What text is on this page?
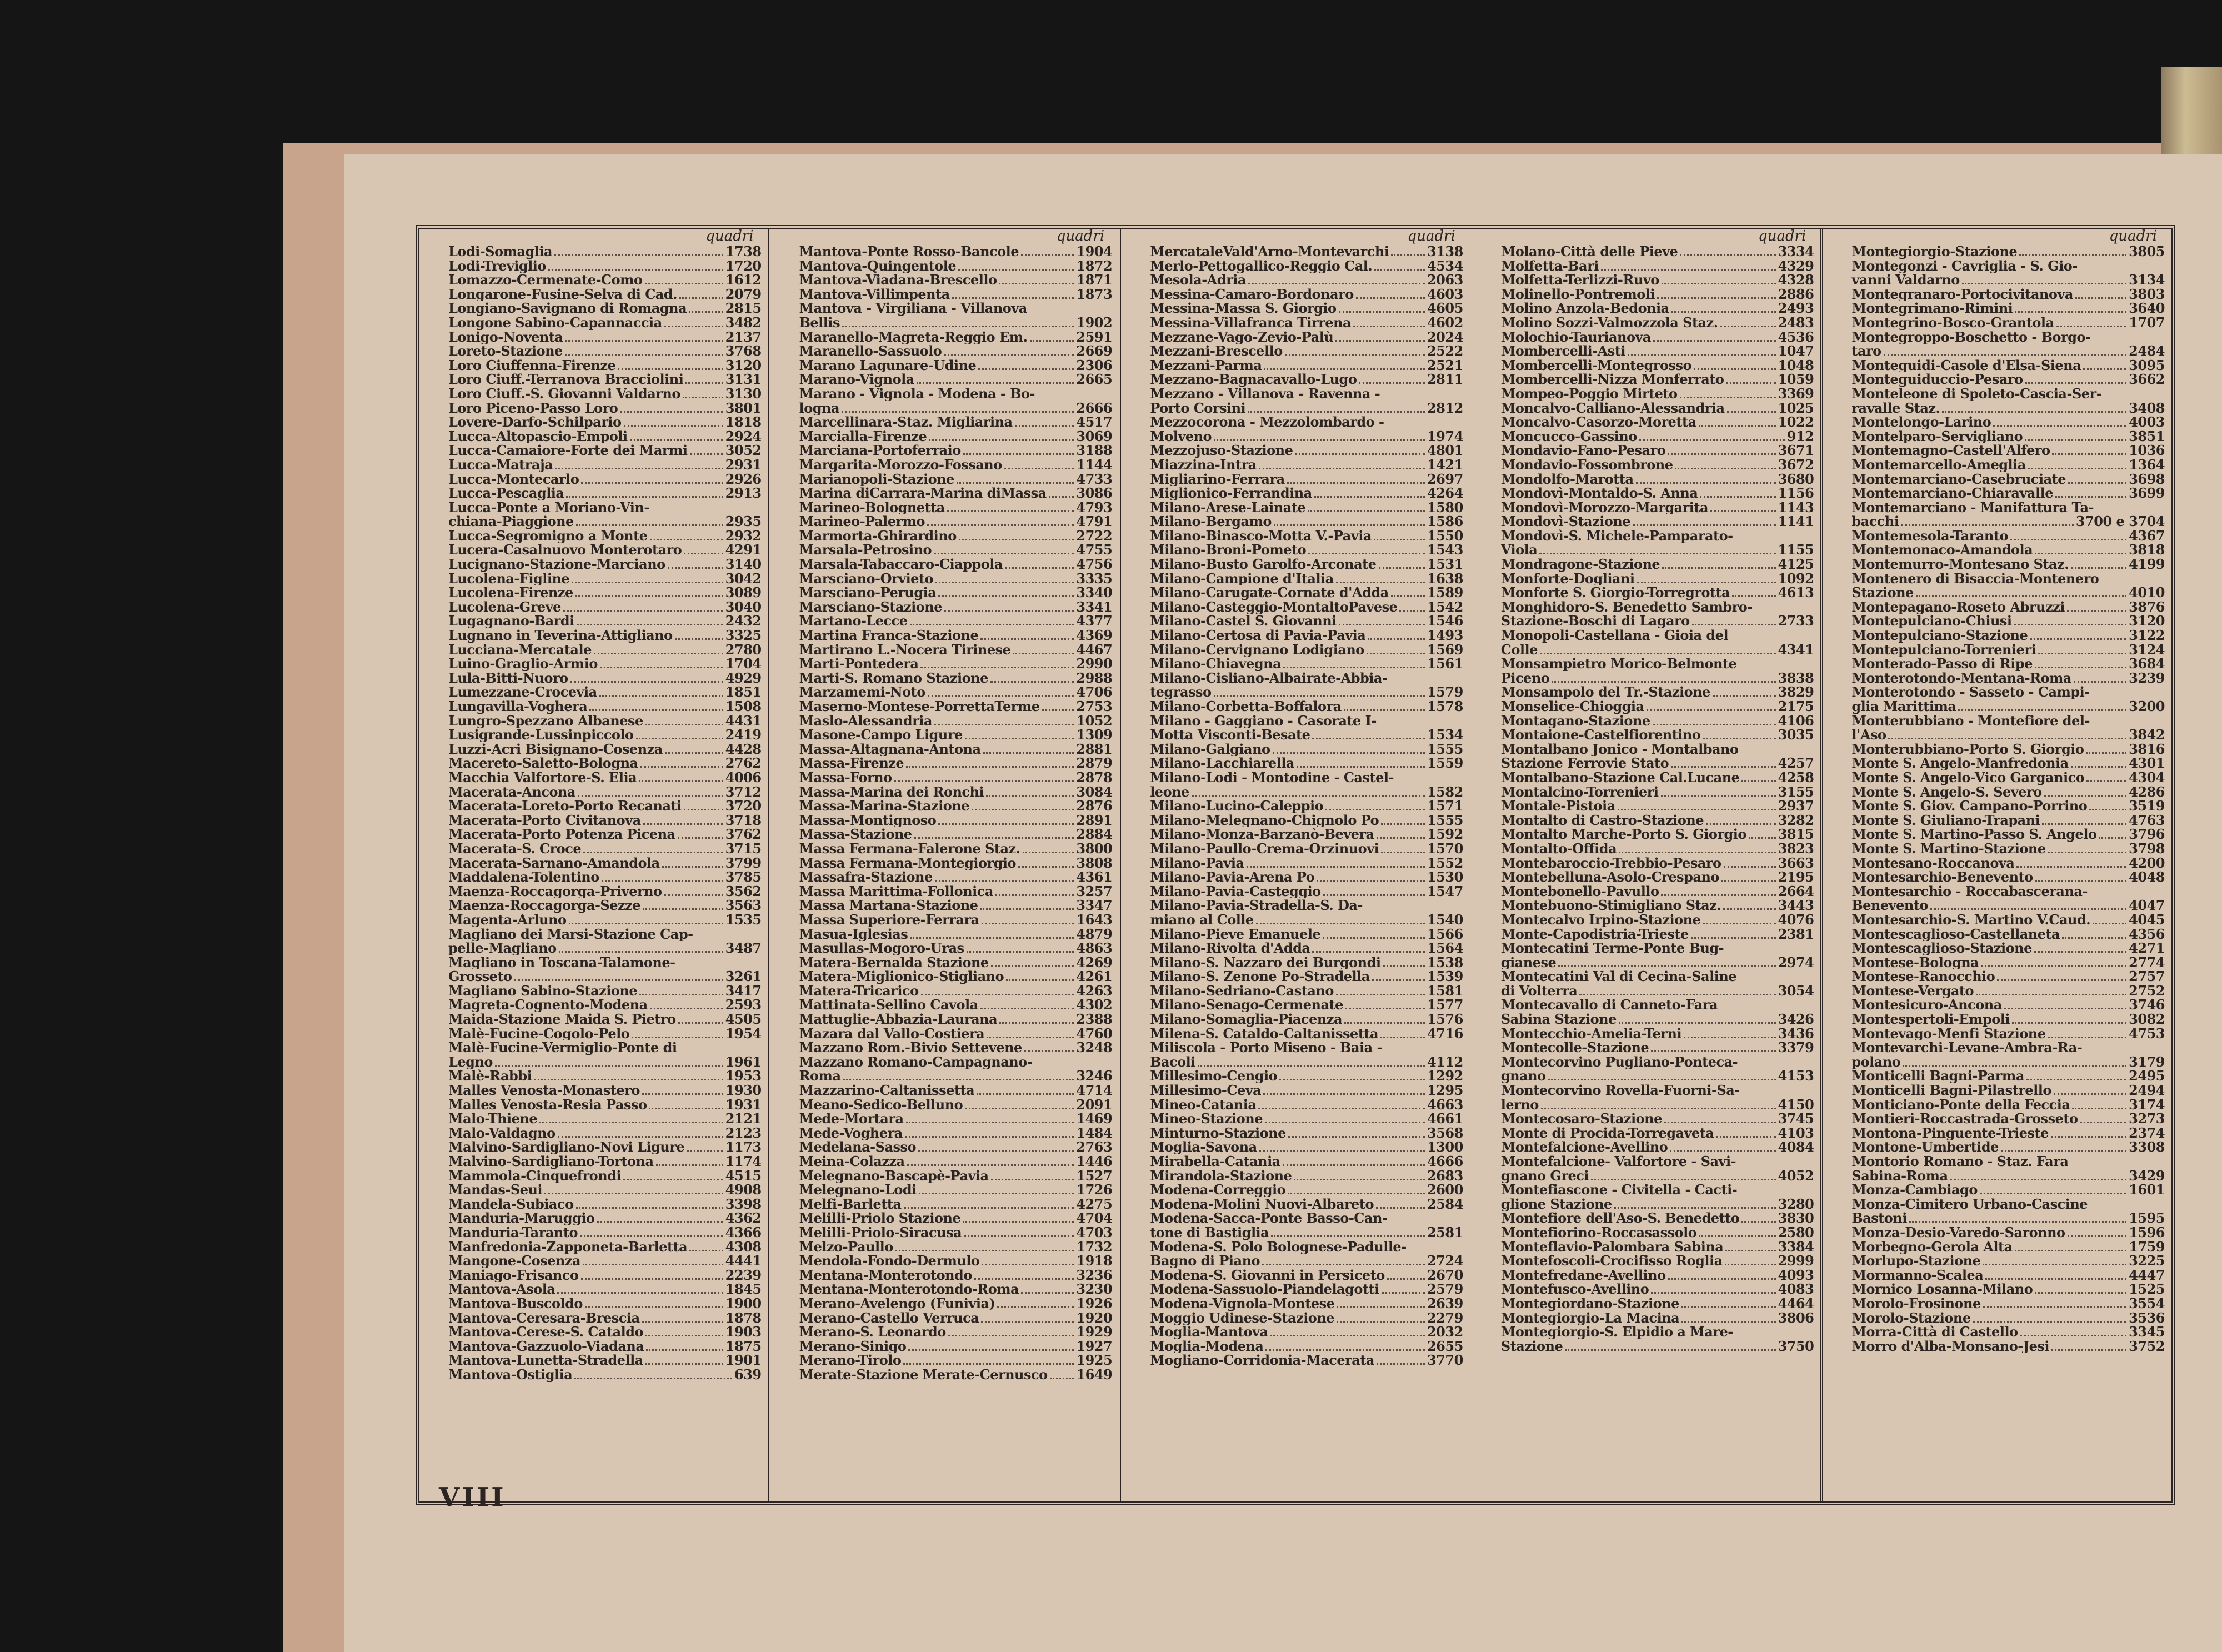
quadri
Lodi-Somaglia	1738
Lodi-Treviglio	1720
Lomazzo-Cermenate-Como	1612
Longarone-Fusine-Selva di Cad.	2079
Longiano-Savignano di Romagna	2815
Longone Sabino-Capannaccia	3482
Lonigo-Noventa	2137
Loreto-Stazione	3768
Loro Ciuffenna-Firenze	3120
Loro Ciuff.-Terranova Bracciolini	3131
Loro Ciuff.-S. Giovanni Valdarno	3130
Loro Piceno-Passo Loro	3801
Lovere-Darfo-Schilpario	1818
Lucca-Altopascio-Empoli	2924
Lucca-Camaiore-Forte dei Marmi	3052
Lucca-Matraja	2931
Lucca-Montecarlo	2926
Lucca-Pescaglia	2913
Lucca-Ponte a Moriano-Vin-
chiana-Piaggione	2935
Lucca-Segromigno a Monte	2932
Lucera-Casalnuovo Monterotaro	4291
Lucignano-Stazione-Marciano	3140
Lucolena-Figline	3042
Lucolena-Firenze	3089
Lucolena-Greve	3040
Lugagnano-Bardi	2432
Lugnano in Teverina-Attigliano	3325
Lucciana-Mercatale	2780
Luino-Graglio-Armio	1704
Lula-Bitti-Nuoro	4929
Lumezzane-Crocevia	1851
Lungavilla-Voghera	1508
Lungro-Spezzano Albanese	4431
Lusigrande-Lussinpiccolo	2419
Luzzi-Acri Bisignano-Cosenza	4428
Macereto-Saletto-Bologna	2762
Macchia Valfortore-S. Elia	4006
Macerata-Ancona	3712
Macerata-Loreto-Porto Recanati	3720
Macerata-Porto Civitanova	3718
Macerata-Porto Potenza Picena	3762
Macerata-S. Croce	3715
Macerata-Sarnano-Amandola	3799
Maddalena-Tolentino	3785
Maenza-Roccagorga-Priverno	3562
Maenza-Roccagorga-Sezze	3563
Magenta-Arluno	1535
Magliano dei Marsi-Stazione Cap-
pelle-Magliano	3487
Magliano in Toscana-Talamone-
Grosseto	3261
Magliano Sabino-Stazione	3417
Magreta-Cognento-Modena	2593
Maida-Stazione Maida S. Pietro	4505
Malè-Fucine-Cogolo-Pelo	1954
Malè-Fucine-Vermiglio-Ponte di
Legno	1961
Malè-Rabbi	1953
Malles Venosta-Monastero	1930
Malles Venosta-Resia Passo	1931
Malo-Thiene	2121
Malo-Valdagno	2123
Malvino-Sardigliano-Novi Ligure	1173
Malvino-Sardigliano-Tortona	1174
Mammola-Cinquefrondi	4515
Mandas-Seui	4908
Mandela-Subiaco	3398
Manduria-Maruggio	4362
Manduria-Taranto	4366
Manfredonia-Zapponeta-Barletta	4308
Mangone-Cosenza	4441
Maniago-Frisanco	2239
Mantova-Asola	1845
Mantova-Buscoldo	1900
Mantova-Ceresara-Brescia	1878
Mantova-Cerese-S. Cataldo	1903
Mantova-Gazzuolo-Viadana	1875
Mantova-Lunetta-Stradella	1901
Mantova-Ostiglia	639
quadri
Mantova-Ponte Rosso-Bancole	1904
Mantova-Quingentole	1872
Mantova-Viadana-Brescello	1871
Mantova-Villimpenta	1873
Mantova - Virgiliana - Villanova
Bellis	1902
Maranello-Magreta-Reggio Em.	2591
Maranello-Sassuolo	2669
Marano Lagunare-Udine	2306
Marano-Vignola	2665
Marano - Vignola - Modena - Bo-
logna	2666
Marcellinara-Staz. Migliarina	4517
Marcialla-Firenze	3069
Marciana-Portoferraio	3188
Margarita-Morozzo-Fossano	1144
Marianopoli-Stazione	4733
Marina diCarrara-Marina diMassa 3086
Marineo-Bolognetta	4793
Marineo-Palermo	4791
Marmorta-Ghirardino	2722
Marsala-Petrosino	4755
Marsala-Tabaccaro-Ciappola	4756
Marsciano-Orvieto	3335
Marsciano-Perugia	3340
Marsciano-Stazione	3341
Martano-Lecce	4377
Martina Franca-Stazione	4369
Martirano L.-Nocera Tirinese	4467
Marti-Pontedera	2990
Marti-S. Romano Stazione	2988
Marzamemi-Noto	4706
Maserno-Montese-PorrettaTerme	2753
Maslo-Alessandria	1052
Masone-Campo Ligure	1309
Massa-Altagnana-Antona	2881
Massa-Firenze	2879
Massa-Forno	2878
Massa-Marina dei Ronchi	3084
Massa-Marina-Stazione	2876
Massa-Montignoso	2891
Massa-Stazione	2884
Massa Fermana-Falerone Staz.	3800
Massa Fermana-Montegiorgio	3808
Massafra-Stazione	4361
Massa Marittima-Follonica	3257
Massa Martana-Stazione	3347
Massa Superiore-Ferrara	1643
Masua-Iglesias	4879
Masullas-Mogoro-Uras	4863
Matera-Bernalda Stazione	4269
Matera-Miglionico-Stigliano	4261
Matera-Tricarico	4263
Mattinata-Sellino Cavola	4302
Mattuglie-Abbazia-Laurana	2388
Mazara dal Vallo-Costiera	4760
Mazzano Rom.-Bivio Settevene	3248
Mazzano Romano-Campagnano-
Roma	3246
Mazzarino-Caltanissetta	4714
Meano-Sedico-Belluno	2091
Mede-Mortara	1469
Mede-Voghera	1484
Medelana-Sasso	2763
Meina-Colazza	1446
Melegnano-Bascapè-Pavia	1527
Melegnano-Lodi	1726
Melfi-Barletta	4275
Melilli-Priolo Stazione	4704
Melilli-Priolo-Siracusa	4703
Melzo-Paullo	1732
Mendola-Fondo-Dermulo	1918
Mentana-Monterotondo	3236
Mentana-Monterotondo-Roma	3230
Merano-Avelengo (Funivia)	1926
Merano-Castello Verruca	1920
Merano-S. Leonardo	1929
Merano-Sinigo	1927
Merano-Tirolo	1925
Merate-Stazione Merate-Cernusco 1649
quadri
MercataleVald'Arno-Montevarchi	3138
Merlo-Pettogallico-Reggio Cal.	4534
Mesola-Adria	2063
Messina-Camaro-Bordonaro	4603
Messina-Massa S. Giorgio	4605
Messina-Villafranca Tirrena	4602
Mezzane-Vago-Zevio-Palù	2024
Mezzani-Brescello	2522
Mezzani-Parma	2521
Mezzano-Bagnacavallo-Lugo	2811
Mezzano - Villanova - Ravenna -
Porto Corsini	2812
Mezzocorona - Mezzolombardo -
Molveno	1974
Mezzojuso-Stazione	4801
Miazzina-Intra	1421
Migliarino-Ferrara	2697
Miglionico-Ferrandina	4264
Milano-Arese-Lainate	1580
Milano-Bergamo	1586
Milano-Binasco-Motta V.-Pavia	1550
Milano-Broni-Pometo	1543
Milano-Busto Garolfo-Arconate	1531
Milano-Campione d'Italia	1638
Milano-Carugate-Cornate d'Adda	1589
Milano-Casteggio-MontaltoPavese 1542
Milano-Castel S. Giovanni	1546
Milano-Certosa di Pavia-Pavia	1493
Milano-Cervignano Lodigiano	1569
Milano-Chiavegna	1561
Milano-Cisliano-Albairate-Abbia-
tegrasso	1579
Milano-Corbetta-Boffalora	1578
Milano - Gaggiano - Casorate I-
Motta Visconti-Besate	1534
Milano-Galgiano	1555
Milano-Lacchiarella	1559
Milano-Lodi - Montodine - Castel-
leone	1582
Milano-Lucino-Caleppio	1571
Milano-Melegnano-Chignolo Po	1555
Milano-Monza-Barzanò-Bevera	1592
Milano-Paullo-Crema-Orzinuovi	1570
Milano-Pavia	1552
Milano-Pavia-Arena Po	1530
Milano-Pavia-Casteggio	1547
Milano-Pavia-Stradella-S. Da-
miano al Colle	1540
Milano-Pieve Emanuele	1566
Milano-Rivolta d'Adda	1564
Milano-S. Nazzaro dei Burgondi	1538
Milano-S. Zenone Po-Stradella	1539
Milano-Sedriano-Castano	1581
Milano-Senago-Cermenate	1577
Milano-Somaglia-Piacenza	1576
Milena-S. Cataldo-Caltanissetta	4716
Miliscola - Porto Miseno - Baia -
Bacoli	4112
Millesimo-Cengio	1292
Millesimo-Ceva	1295
Mineo-Catania	4663
Mineo-Stazione	4661
Minturno-Stazione	3568
Moglia-Savona	1300
Mirabella-Catania	4666
Mirandola-Stazione	2683
Modena-Correggio	2600
Modena-Molini Nuovi-Albareto	2584
Modena-Sacca-Ponte Basso-Can-
tone di Bastiglia	2581
Modena-S. Polo Bolognese-Padulle-
Bagno di Piano	2724
Modena-S. Giovanni in Persiceto	2670
Modena-Sassuolo-Piandelagotti	2579
Modena-Vignola-Montese	2639
Moggio Udinese-Stazione	2279
Moglia-Mantova	2032
Moglia-Modena	2655
Mogliano-Corridonia-Macerata	3770
quadri
Molano-Città delle Pieve	3334
Molfetta-Bari	4329
Molfetta-Terlizzi-Ruvo	4328
Molinello-Pontremoli	2886
Molino Anzola-Bedonia	2493
Molino Sozzi-Valmozzola Staz.	2483
Molochio-Taurianova	4536
Mombercelli-Asti	1047
Mombercelli-Montegrosso	1048
Mombercelli-Nizza Monferrato	1059
Mompeo-Poggio Mirteto	3369
Moncalvo-Calliano-Alessandria	1025
Moncalvo-Casorzo-Moretta	1022
Moncucco-Gassino	912
Mondavio-Fano-Pesaro	3671
Mondavio-Fossombrone	3672
Mondolfo-Marotta	3680
Mondovì-Montaldo-S. Anna	1156
Mondovì-Morozzo-Margarita	1143
Mondovì-Stazione	1141
Mondovì-S. Michele-Pamparato-
Viola	1155
Mondragone-Stazione	4125
Monforte-Dogliani	1092
Monforte S. Giorgio-Torregrotta	4613
Monghidoro-S. Benedetto Sambro-
Stazione-Boschi di Lagaro	2733
Monopoli-Castellana - Gioia del
Colle	4341
Monsampietro Morico-Belmonte
Piceno	3838
Monsampolo del Tr.-Stazione	3829
Monselice-Chioggia	2175
Montagano-Stazione	4106
Montaione-Castelfiorentino	3035
Montalbano Jonico - Montalbano
Stazione Ferrovie Stato	4257
Montalbano-Stazione Cal.Lucane	4258
Montalcino-Torrenieri	3155
Montale-Pistoia	2937
Montalto di Castro-Stazione	3282
Montalto Marche-Porto S. Giorgio 3815
Montalto-Offida	3823
Montebaroccio-Trebbio-Pesaro	3663
Montebelluna-Asolo-Crespano	2195
Montebonello-Pavullo	2664
Montebuono-Stimigliano Staz.	3443
Montecalvo Irpino-Stazione	4076
Monte-Capodistria-Trieste	2381
Montecatini Terme-Ponte Bug-
gianese	2974
Montecatini Val di Cecina-Saline
di Volterra	3054
Montecavallo di Canneto-Fara
Sabina Stazione	3426
Montecchio-Amelia-Terni	3436
Montecolle-Stazione	3379
Montecorvino Pugliano-Ponteca-
gnano	4153
Montecorvino Rovella-Fuorni-Sa-
lerno	4150
Montecosaro-Stazione	3745
Monte di Procida-Torregaveta	4103
Montefalcione-Avellino	4084
Montefalcione- Valfortore - Savi-
gnano Greci	4052
Montefiascone - Civitella - Cacti-
glione Stazione	3280
Montefiore dell'Aso-S. Benedetto	3830
Montefiorino-Roccasassolo	2580
Monteflavio-Palombara Sabina	3384
Montefoscoli-Crocifisso Roglia	2999
Montefredane-Avellino	4093
Montefusco-Avellino	4083
Montegiordano-Stazione	4464
Montegiorgio-La Macina	3806
Montegiorgio-S. Elpidio a Mare-
Stazione	3750
quadri
Montegiorgio-Stazione	3805
Montegonzi - Cavriglia - S. Gio-
vanni Valdarno	3134
Montegranaro-Portocivitanova	3803
Montegrimano-Rimini	3640
Montegrino-Bosco-Grantola	1707
Montegroppo-Boschetto - Borgo-
taro	2484
Monteguidi-Casole d'Elsa-Siena	3095
Monteguiduccio-Pesaro	3662
Monteleone di Spoleto-Cascia-Ser-
ravalle Staz.	3408
Montelongo-Larino	4003
Montelparo-Servigliano	3851
Montemagno-Castell'Alfero	1036
Montemarcello-Ameglia	1364
Montemarciano-Casebruciate	3698
Montemarciano-Chiaravalle	3699
Montemarciano - Manifattura Ta-
bacchi	3700 e 3704
Montemesola-Taranto	4367
Montemonaco-Amandola	3818
Montemurro-Montesano Staz.	4199
Montenero di Bisaccia-Montenero
Stazione	4010
Montepagano-Roseto Abruzzi	3876
Montepulciano-Chiusi	3120
Montepulciano-Stazione	3122
Montepulciano-Torrenieri	3124
Monterado-Passo di Ripe	3684
Monterotondo-Mentana-Roma	3239
Monterotondo - Sasseto - Campi-
glia Marittima	3200
Monterubbiano - Montefiore del-
l'Aso	3842
Monterubbiano-Porto S. Giorgio	3816
Monte S. Angelo-Manfredonia	4301
Monte S. Angelo-Vico Garganico	4304
Monte S. Angelo-S. Severo	4286
Monte S. Giov. Campano-Porrino	3519
Monte S. Giuliano-Trapani	4763
Monte S. Martino-Passo S. Angelo 3796
Monte S. Martino-Stazione	3798
Montesano-Roccanova	4200
Montesarchio-Benevento	4048
Montesarchio - Roccabascerana-
Benevento	4047
Montesarchio-S. Martino V.Caud.	4045
Montescaglioso-Castellaneta	4356
Montescaglioso-Stazione	4271
Montese-Bologna	2774
Montese-Ranocchio	2757
Montese-Vergato	2752
Montesicuro-Ancona	3746
Montespertoli-Empoli	3082
Montevago-Menfi Stazione	4753
Montevarchi-Levane-Ambra-Ra-
polano	3179
Monticelli Bagni-Parma	2495
Monticelli Bagni-Pilastrello	2494
Monticiano-Ponte della Feccia	3174
Montieri-Roccastrada-Grosseto	3273
Montona-Pinguente-Trieste	2374
Montone-Umbertide	3308
Montorio Romano - Staz. Fara
Sabina-Roma	3429
Monza-Cambiago	1601
Monza-Cimitero Urbano-Cascine
Bastoni	1595
Monza-Desio-Varedo-Saronno	1596
Morbegno-Gerola Alta	1759
Morlupo-Stazione	3225
Mormanno-Scalea	4447
Mornico Losanna-Milano	1525
Morolo-Frosinone	3554
Morolo-Stazione	3536
Morra-Città di Castello	3345
Morro d'Alba-Monsano-Jesi	3752
VIII
